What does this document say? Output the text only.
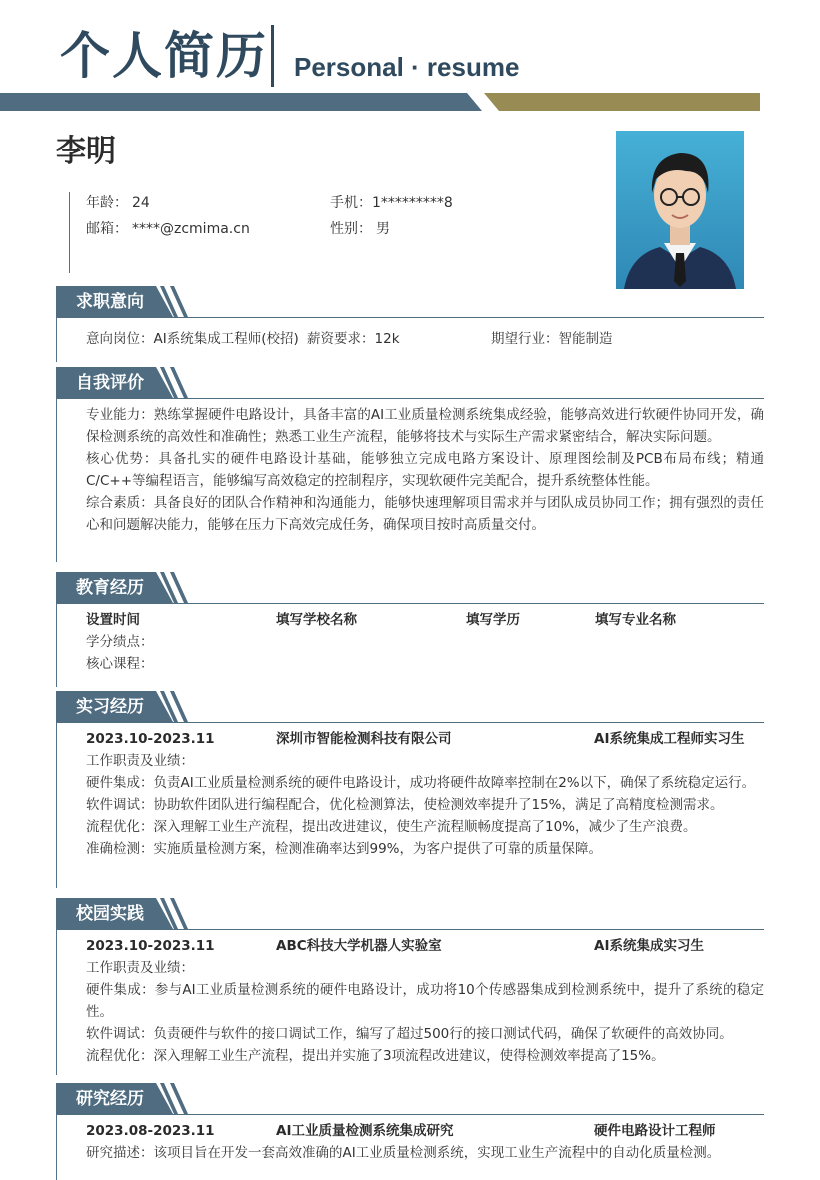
个人简历 Personal · resume
李明
年龄： 24	手机：1*********8
邮箱： ****@zcmima.cn	性别： 男
求职意向
意向岗位：AI系统集成工程师(校招) 薪资要求：12k	期望行业：智能制造
自我评价
专业能力：熟练掌握硬件电路设计，具备丰富的AI工业质量检测系统集成经验，能够高效进行软硬件协同开发，确保检测系统的高效性和准确性；熟悉工业生产流程，能够将技术与实际生产需求紧密结合，解决实际问题。
核心优势：具备扎实的硬件电路设计基础，能够独立完成电路方案设计、原理图绘制及PCB布局布线；精通C/C++等编程语言，能够编写高效稳定的控制程序，实现软硬件完美配合，提升系统整体性能。
综合素质：具备良好的团队合作精神和沟通能力，能够快速理解项目需求并与团队成员协同工作；拥有强烈的责任心和问题解决能力，能够在压力下高效完成任务，确保项目按时高质量交付。
教育经历
设置时间	填写学校名称	填写学历	填写专业名称
学分绩点：
核心课程：
实习经历
2023.10-2023.11	深圳市智能检测科技有限公司	AI系统集成工程师实习生
工作职责及业绩：
硬件集成：负责AI工业质量检测系统的硬件电路设计，成功将硬件故障率控制在2%以下，确保了系统稳定运行。
软件调试：协助软件团队进行编程配合，优化检测算法，使检测效率提升了15%，满足了高精度检测需求。
流程优化：深入理解工业生产流程，提出改进建议，使生产流程顺畅度提高了10%，减少了生产浪费。
准确检测：实施质量检测方案，检测准确率达到99%，为客户提供了可靠的质量保障。
校园实践
2023.10-2023.11	ABC科技大学机器人实验室	AI系统集成实习生
工作职责及业绩：
硬件集成：参与AI工业质量检测系统的硬件电路设计，成功将10个传感器集成到检测系统中，提升了系统的稳定性。
软件调试：负责硬件与软件的接口调试工作，编写了超过500行的接口测试代码，确保了软硬件的高效协同。
流程优化：深入理解工业生产流程，提出并实施了3项流程改进建议，使得检测效率提高了15%。
研究经历
2023.08-2023.11	AI工业质量检测系统集成研究	硬件电路设计工程师
研究描述：该项目旨在开发一套高效准确的AI工业质量检测系统，实现工业生产流程中的自动化质量检测。
